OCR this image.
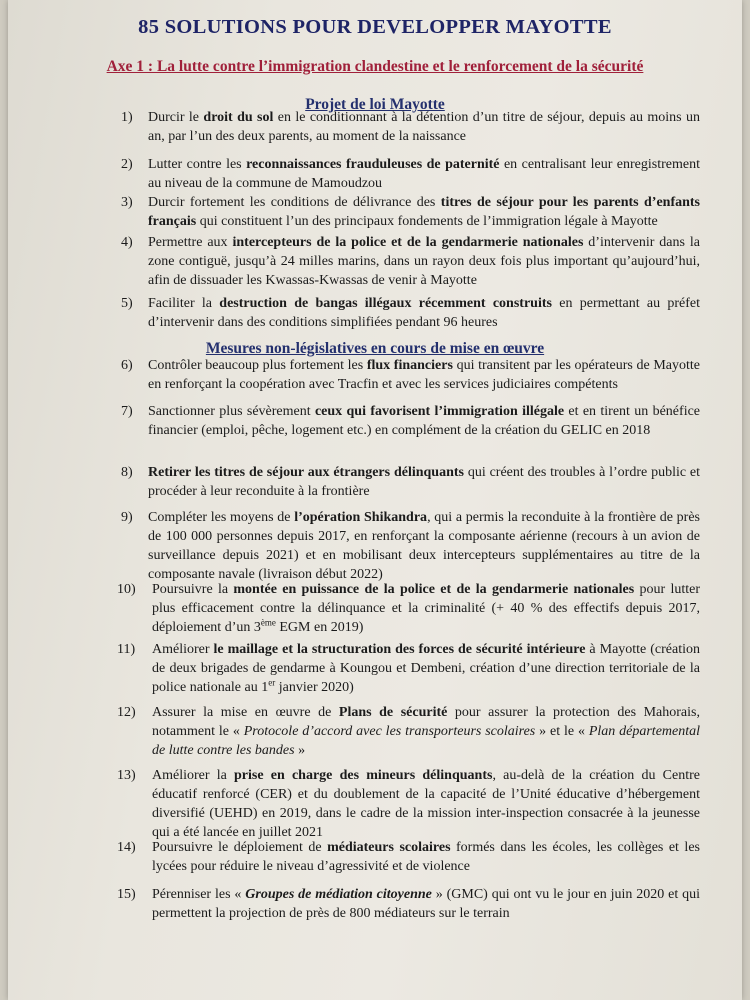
85 SOLUTIONS POUR DEVELOPPER MAYOTTE
Axe 1 : La lutte contre l’immigration clandestine et le renforcement de la sécurité
Projet de loi Mayotte
Mesures non-législatives en cours de mise en œuvre
1)	Durcir le droit du sol en le conditionnant à la détention d’un titre de séjour, depuis au moins un an, par l’un des deux parents, au moment de la naissance
2)	Lutter contre les reconnaissances frauduleuses de paternité en centralisant leur enregistrement au niveau de la commune de Mamoudzou
3)	Durcir fortement les conditions de délivrance des titres de séjour pour les parents d’enfants français qui constituent l’un des principaux fondements de l’immigration légale à Mayotte
4)	Permettre aux intercepteurs de la police et de la gendarmerie nationales d’intervenir dans la zone contiguë, jusqu’à 24 milles marins, dans un rayon deux fois plus important qu’aujourd’hui, afin de dissuader les Kwassas-Kwassas de venir à Mayotte
5)	Faciliter la destruction de bangas illégaux récemment construits en permettant au préfet d’intervenir dans des conditions simplifiées pendant 96 heures
6)	Contrôler beaucoup plus fortement les flux financiers qui transitent par les opérateurs de Mayotte en renforçant la coopération avec Tracfin et avec les services judiciaires compétents
7)	Sanctionner plus sévèrement ceux qui favorisent l’immigration illégale et en tirent un bénéfice financier (emploi, pêche, logement etc.) en complément de la création du GELIC en 2018
8)	Retirer les titres de séjour aux étrangers délinquants qui créent des troubles à l’ordre public et procéder à leur reconduite à la frontière
9)	Compléter les moyens de l’opération Shikandra, qui a permis la reconduite à la frontière de près de 100 000 personnes depuis 2017, en renforçant la composante aérienne (recours à un avion de surveillance depuis 2021) et en mobilisant deux intercepteurs supplémentaires au titre de la composante navale (livraison début 2022)
10)	Poursuivre la montée en puissance de la police et de la gendarmerie nationales pour lutter plus efficacement contre la délinquance et la criminalité (+ 40 % des effectifs depuis 2017, déploiement d’un 3ème EGM en 2019)
11)	Améliorer le maillage et la structuration des forces de sécurité intérieure à Mayotte (création de deux brigades de gendarme à Koungou et Dembeni, création d’une direction territoriale de la police nationale au 1er janvier 2020)
12)	Assurer la mise en œuvre de Plans de sécurité pour assurer la protection des Mahorais, notamment le « Protocole d’accord avec les transporteurs scolaires » et le « Plan départemental de lutte contre les bandes »
13)	Améliorer la prise en charge des mineurs délinquants, au-delà de la création du Centre éducatif renforcé (CER) et du doublement de la capacité de l’Unité éducative d’hébergement diversifié (UEHD) en 2019, dans le cadre de la mission inter-inspection consacrée à la jeunesse qui a été lancée en juillet 2021
14)	Poursuivre le déploiement de médiateurs scolaires formés dans les écoles, les collèges et les lycées pour réduire le niveau d’agressivité et de violence
15)	Pérenniser les « Groupes de médiation citoyenne » (GMC) qui ont vu le jour en juin 2020 et qui permettent la projection de près de 800 médiateurs sur le terrain
